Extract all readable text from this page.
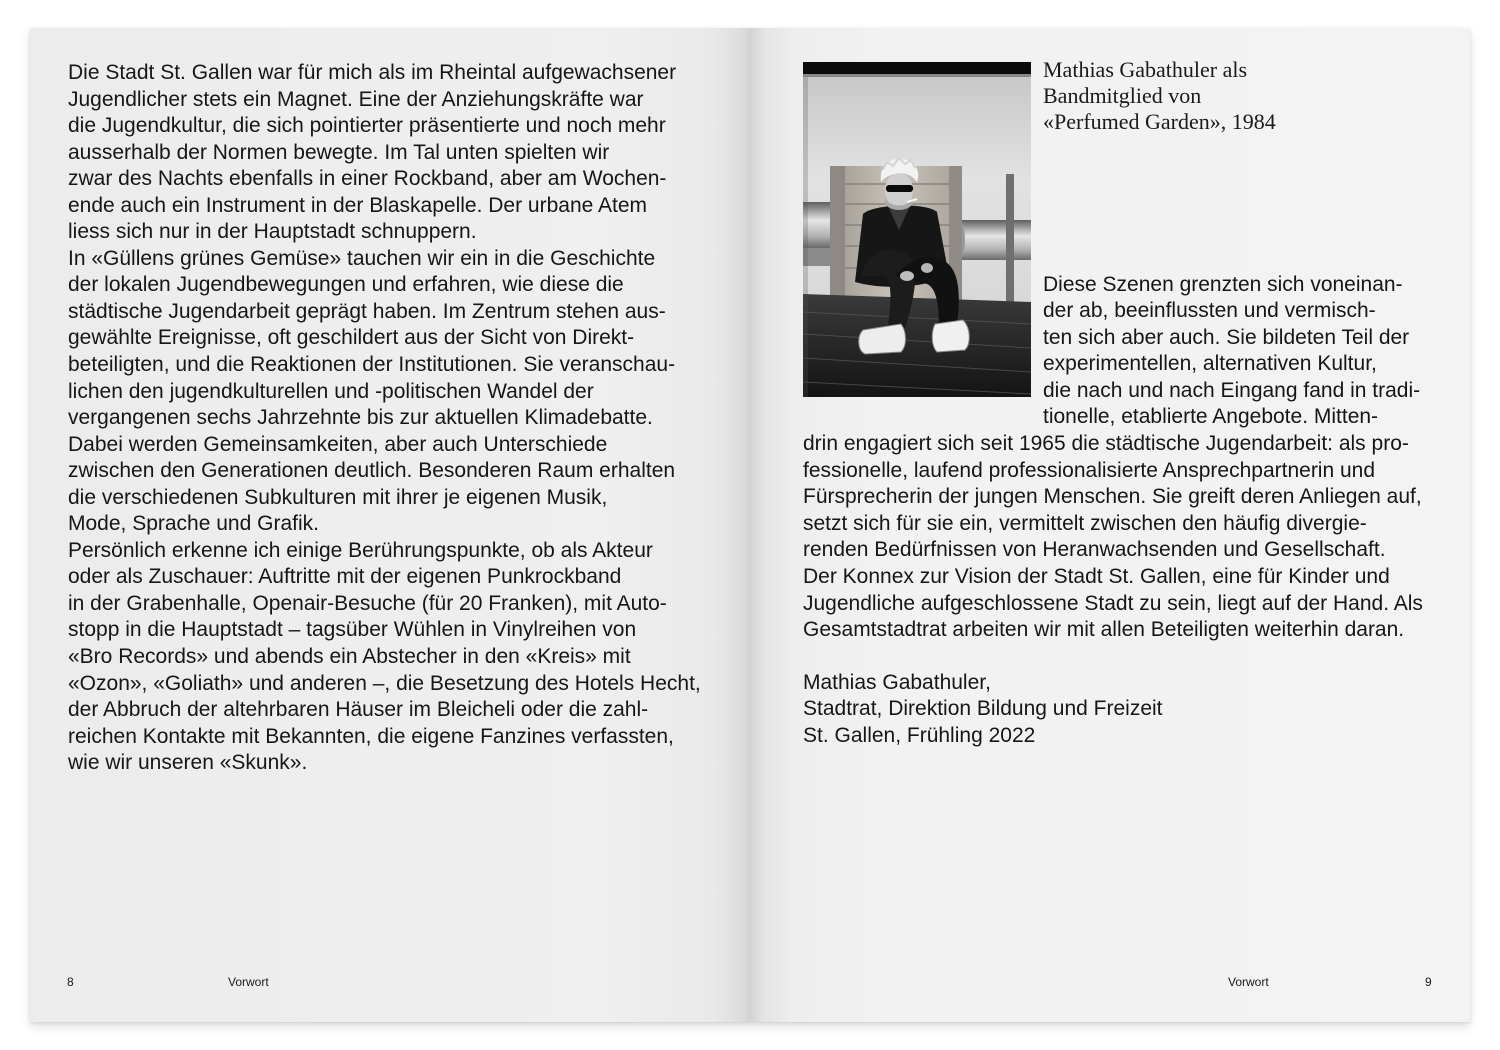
Die Stadt St. Gallen war für mich als im Rheintal aufgewachsener
Jugendlicher stets ein Magnet. Eine der Anziehungskräfte war
die Jugendkultur, die sich pointierter präsentierte und noch mehr
ausserhalb der Normen bewegte. Im Tal unten spielten wir
zwar des Nachts ebenfalls in einer Rockband, aber am Wochen-
ende auch ein Instrument in der Blaskapelle. Der urbane Atem
liess sich nur in der Hauptstadt schnuppern.
In «Güllens grünes Gemüse» tauchen wir ein in die Geschichte
der lokalen Jugendbewegungen und erfahren, wie diese die
städtische Jugendarbeit geprägt haben. Im Zentrum stehen aus-
gewählte Ereignisse, oft geschildert aus der Sicht von Direkt-
beteiligten, und die Reaktionen der Institutionen. Sie veranschau-
lichen den jugendkulturellen und -politischen Wandel der
vergangenen sechs Jahrzehnte bis zur aktuellen Klimadebatte.
Dabei werden Gemeinsamkeiten, aber auch Unterschiede
zwischen den Generationen deutlich. Besonderen Raum erhalten
die verschiedenen Subkulturen mit ihrer je eigenen Musik,
Mode, Sprache und Grafik.
Persönlich erkenne ich einige Berührungspunkte, ob als Akteur
oder als Zuschauer: Auftritte mit der eigenen Punkrockband
in der Grabenhalle, Openair-Besuche (für 20 Franken), mit Auto-
stopp in die Hauptstadt – tagsüber Wühlen in Vinylreihen von
«Bro Records» und abends ein Abstecher in den «Kreis» mit
«Ozon», «Goliath» und anderen –, die Besetzung des Hotels Hecht,
der Abbruch der altehrbaren Häuser im Bleicheli oder die zahl-
reichen Kontakte mit Bekannten, die eigene Fanzines verfassten,
wie wir unseren «Skunk».
Mathias Gabathuler als
Bandmitglied von
«Perfumed Garden», 1984
Diese Szenen grenzten sich voneinan-
der ab, beeinflussten und vermisch-
ten sich aber auch. Sie bildeten Teil der
experimentellen, alternativen Kultur,
die nach und nach Eingang fand in tradi-
tionelle, etablierte Angebote. Mitten-
drin engagiert sich seit 1965 die städtische Jugendarbeit: als pro-
fessionelle, laufend professionalisierte Ansprechpartnerin und
Fürsprecherin der jungen Menschen. Sie greift deren Anliegen auf,
setzt sich für sie ein, vermittelt zwischen den häufig divergie-
renden Bedürfnissen von Heranwachsenden und Gesellschaft.
Der Konnex zur Vision der Stadt St. Gallen, eine für Kinder und
Jugendliche aufgeschlossene Stadt zu sein, liegt auf der Hand. Als
Gesamtstadtrat arbeiten wir mit allen Beteiligten weiterhin daran.
Mathias Gabathuler,
Stadtrat, Direktion Bildung und Freizeit
St. Gallen, Frühling 2022
8	Vorwort	Vorwort	9
